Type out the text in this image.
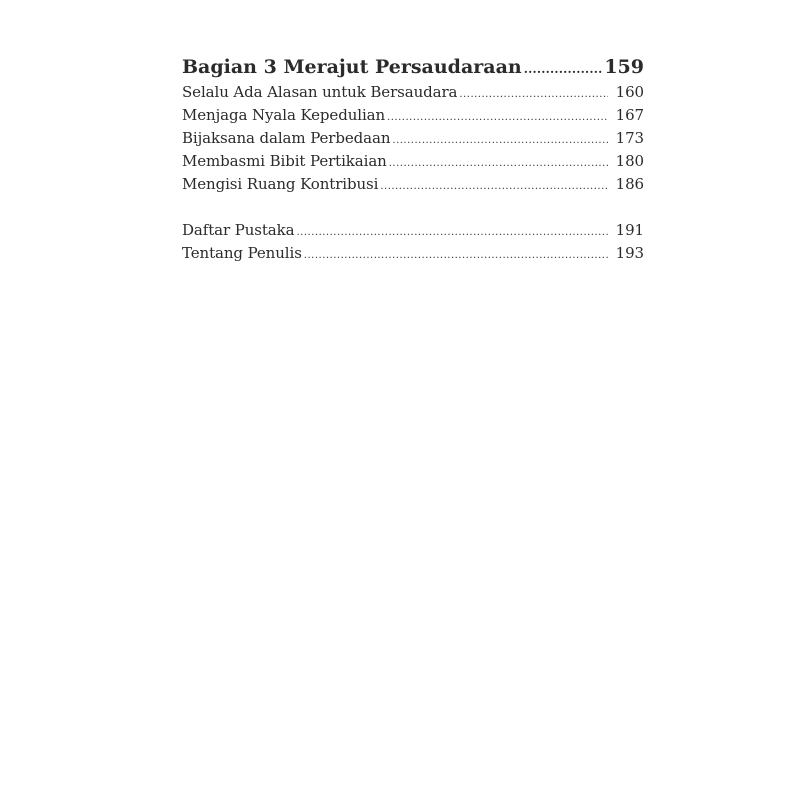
Bagian 3 Merajut Persaudaraan .....	159
Selalu Ada Alasan untuk Bersaudara .....	160
Menjaga Nyala Kepedulian .....	167
Bijaksana dalam Perbedaan .....	173
Membasmi Bibit Pertikaian .....	180
Mengisi Ruang Kontribusi .....	186
Daftar Pustaka .....	191
Tentang Penulis .....	193
